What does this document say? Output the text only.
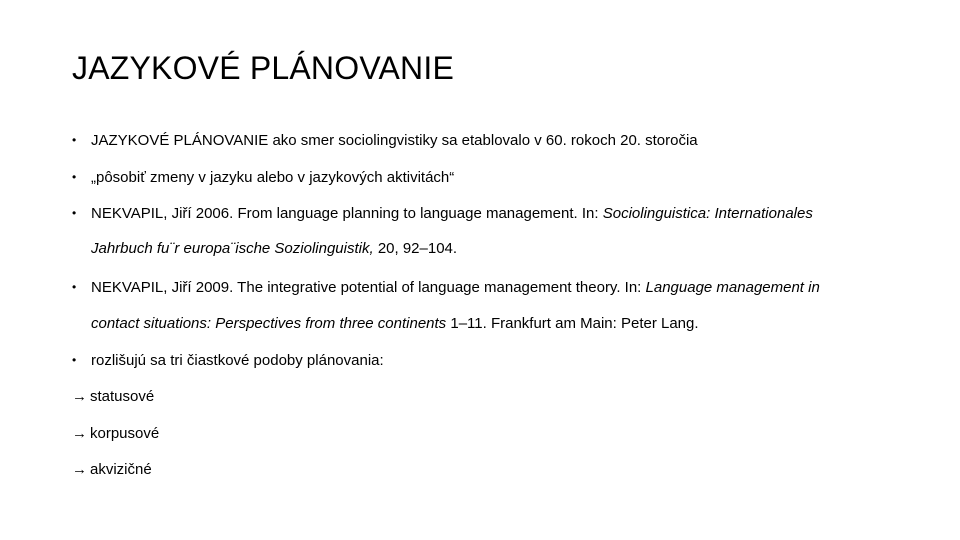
JAZYKOVÉ PLÁNOVANIE
• JAZYKOVÉ PLÁNOVANIE ako smer sociolingvistiky sa etablovalo v 60. rokoch 20. storočia
• „pôsobiť zmeny v jazyku alebo v jazykových aktivitách“
• NEKVAPIL, Jiří 2006. From language planning to language management. In: Sociolinguistica: Internationales
Jahrbuch fu¨r europa¨ische Soziolinguistik, 20, 92–104.
• NEKVAPIL, Jiří 2009. The integrative potential of language management theory. In: Language management in
contact situations: Perspectives from three continents 1–11. Frankfurt am Main: Peter Lang.
• rozlišujú sa tri čiastkové podoby plánovania:
→ statusové
→ korpusové
→ akvizičné
